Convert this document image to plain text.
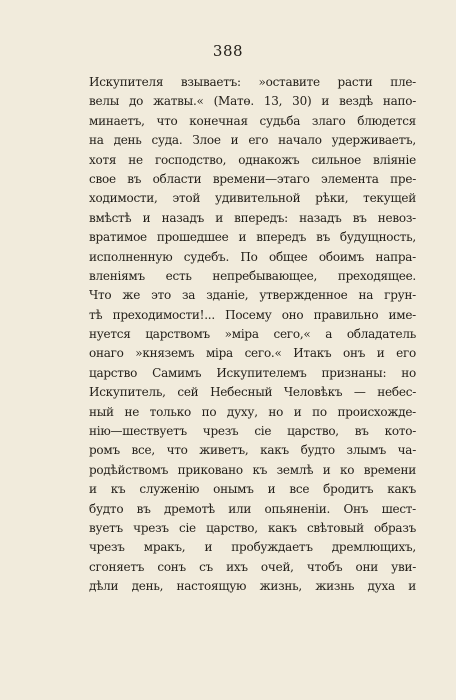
388
Искупителя взываетъ: »оставите расти пле-
велы до жатвы.« (Матө. 13, 30) и вездѣ напо-
минаетъ, что конечная судьба злаго блюдется
на день суда. Злое и его начало удерживаетъ,
хотя не господство, однакожъ сильное влiянiе
свое въ области времени—этаго элемента пре-
ходимости, этой удивительной рѣки, текущей
вмѣстѣ и назадъ и впередъ: назадъ въ невоз-
вратимое прошедшее и впередъ въ будущность,
исполненную судебъ. По общее обоимъ напра-
вленiямъ есть непребывающее, преходящее.
Что же это за зданiе, утвержденное на грун-
тѣ преходимости!... Посему оно правильно име-
нуется царствомъ »мiра сего,« а обладатель
онаго »княземъ мiра сего.« Итакъ онъ и его
царство Самимъ Искупителемъ признаны: но
Искупитель, сей Небесный Человѣкъ — небес-
ный не только по духу, но и по происхожде-
нiю—шествуетъ чрезъ сiе царство, въ кото-
ромъ все, что живетъ, какъ будто злымъ ча-
родѣйствомъ приковано къ землѣ и ко времени
и къ служенiю онымъ и все бродитъ какъ
будто въ дремотѣ или опьяненiи. Онъ шест-
вуетъ чрезъ сiе царство, какъ свѣтовый образъ
чрезъ мракъ, и пробуждаетъ дремлющихъ,
сгоняетъ сонъ съ ихъ очей, чтобъ они уви-
дѣли день, настоящую жизнь, жизнь духа и
